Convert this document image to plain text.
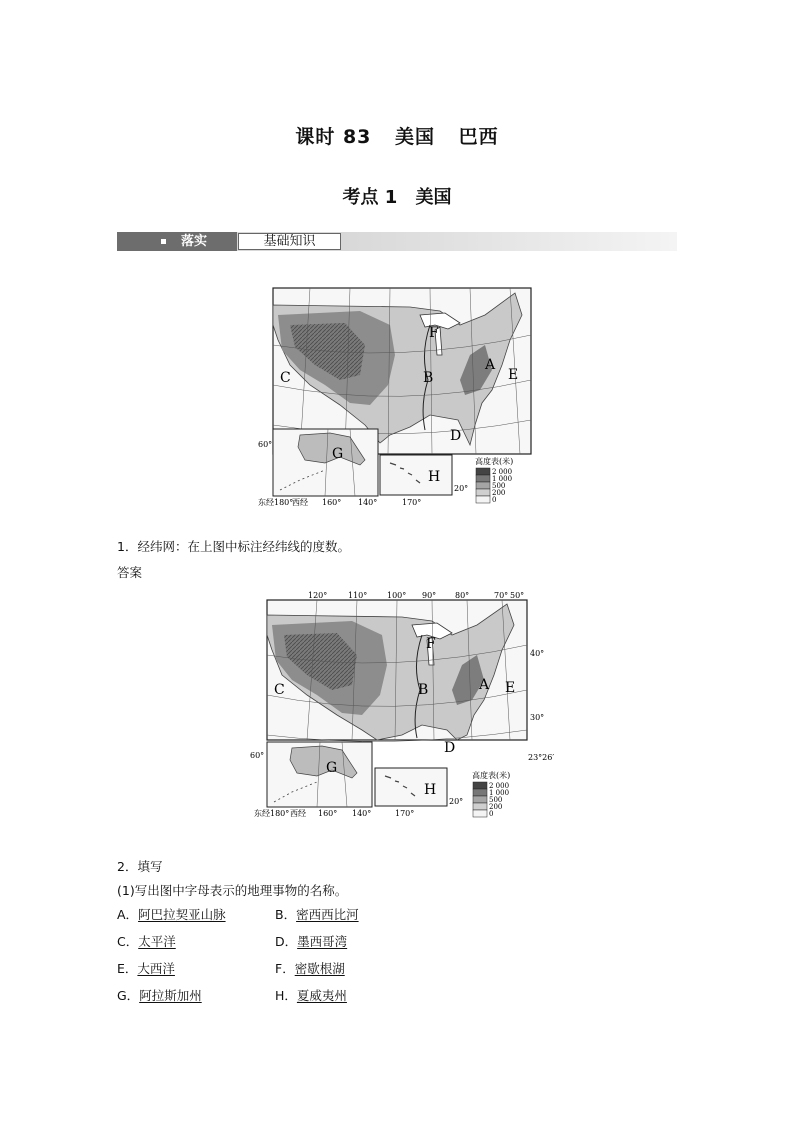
课时 83 美国 巴西
考点 1 美国
落实	基础知识
A
B
C
D
E
F
G
60°
东经180°
西经 160° 140°
H
170°
20°
高度表(米)
2 000
1 000
500
200
0
1．经纬网：在上图中标注经纬线的度数。
答案
120°	110° 100° 90° 80°	70° 50°
40°
30°
23°26′
A
B
C
D
E
F
G
60°
东经180° 西经 160° 140°
H
170°
20°
高度表(米)
2 000
1 000
500
200
0
2．填写
(1)写出图中字母表示的地理事物的名称。
A．阿巴拉契亚山脉	B．密西西比河
C．太平洋	D．墨西哥湾
E．大西洋	F．密歇根湖
G．阿拉斯加州	H．夏威夷州
